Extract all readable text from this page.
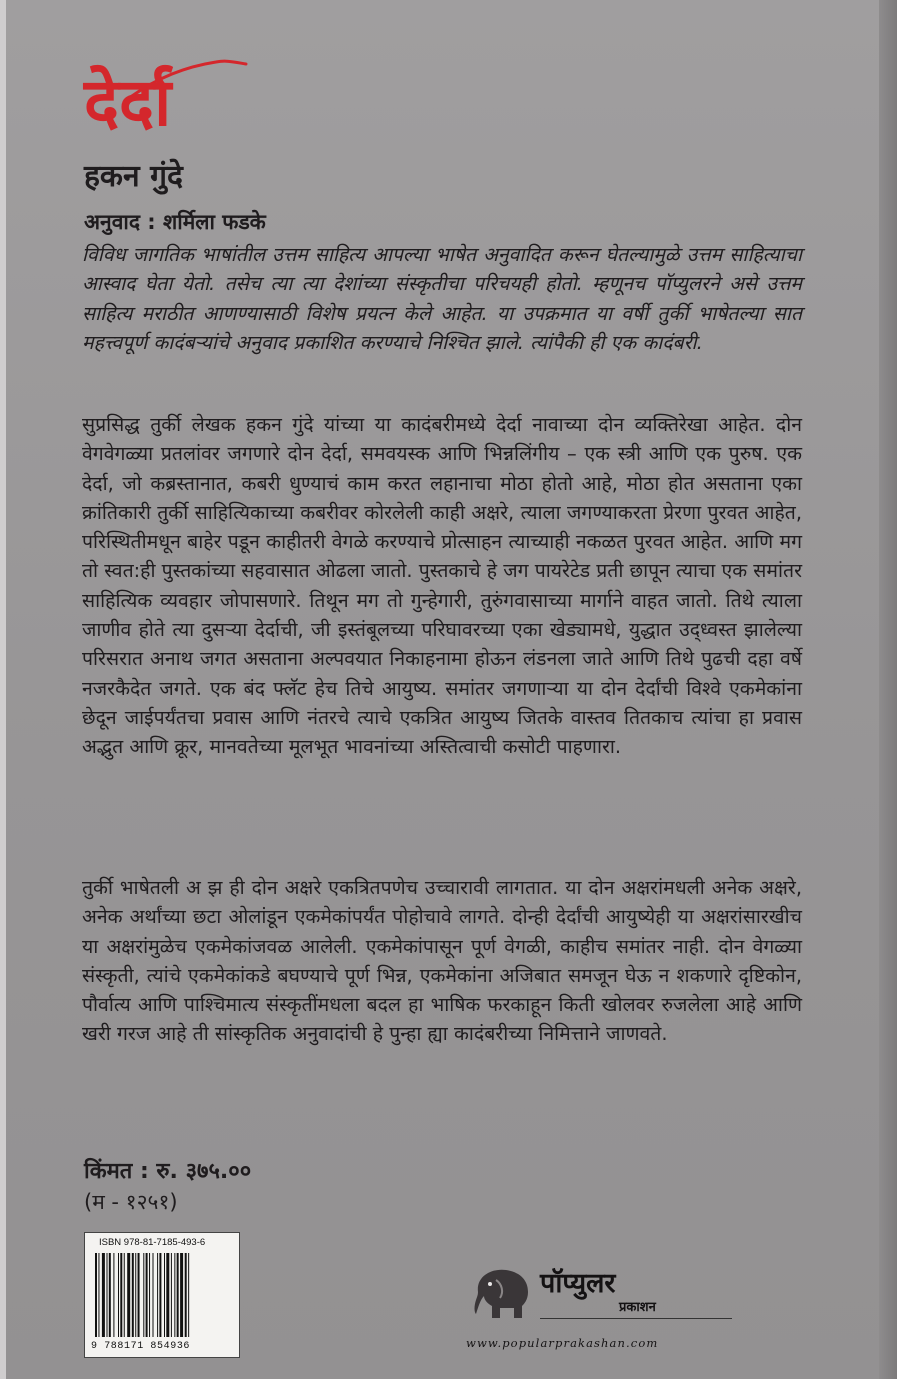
देर्दा
हकन गुंदे
अनुवाद : शर्मिला फडके

विविध जागतिक भाषांतील उत्तम साहित्य आपल्या भाषेत अनुवादित करून घेतल्यामुळे उत्तम साहित्याचा आस्वाद घेता येतो. तसेच त्या त्या देशांच्या संस्कृतीचा परिचयही होतो. म्हणूनच पॉप्युलरने असे उत्तम साहित्य मराठीत आणण्यासाठी विशेष प्रयत्न केले आहेत. या उपक्रमात या वर्षी तुर्की भाषेतल्या सात महत्त्वपूर्ण कादंबऱ्यांचे अनुवाद प्रकाशित करण्याचे निश्चित झाले. त्यांपैकी ही एक कादंबरी.

सुप्रसिद्ध तुर्की लेखक हकन गुंदे यांच्या या कादंबरीमध्ये देर्दा नावाच्या दोन व्यक्तिरेखा आहेत. दोन वेगवेगळ्या प्रतलांवर जगणारे दोन देर्दा, समवयस्क आणि भिन्नलिंगीय – एक स्त्री आणि एक पुरुष. एक देर्दा, जो कब्रस्तानात, कबरी धुण्याचं काम करत लहानाचा मोठा होतो आहे, मोठा होत असताना एका क्रांतिकारी तुर्की साहित्यिकाच्या कबरीवर कोरलेली काही अक्षरे, त्याला जगण्याकरता प्रेरणा पुरवत आहेत, परिस्थितीमधून बाहेर पडून काहीतरी वेगळे करण्याचे प्रोत्साहन त्याच्याही नकळत पुरवत आहेत. आणि मग तो स्वत:ही पुस्तकांच्या सहवासात ओढला जातो. पुस्तकाचे हे जग पायरेटेड प्रती छापून त्याचा एक समांतर साहित्यिक व्यवहार जोपासणारे. तिथून मग तो गुन्हेगारी, तुरुंगवासाच्या मार्गाने वाहत जातो. तिथे त्याला जाणीव होते त्या दुसऱ्या देर्दाची, जी इस्तंबूलच्या परिघावरच्या एका खेड्यामधे, युद्धात उद्ध्वस्त झालेल्या परिसरात अनाथ जगत असताना अल्पवयात निकाहनामा होऊन लंडनला जाते आणि तिथे पुढची दहा वर्षे नजरकैदेत जगते. एक बंद फ्लॅट हेच तिचे आयुष्य. समांतर जगणाऱ्या या दोन देर्दांची विश्वे एकमेकांना छेदून जाईपर्यंतचा प्रवास आणि नंतरचे त्याचे एकत्रित आयुष्य जितके वास्तव तितकाच त्यांचा हा प्रवास अद्भुत आणि क्रूर, मानवतेच्या मूलभूत भावनांच्या अस्तित्वाची कसोटी पाहणारा.

तुर्की भाषेतली अ झ ही दोन अक्षरे एकत्रितपणेच उच्चारावी लागतात. या दोन अक्षरांमधली अनेक अक्षरे, अनेक अर्थांच्या छटा ओलांडून एकमेकांपर्यंत पोहोचावे लागते. दोन्ही देर्दांची आयुष्येही या अक्षरांसारखीच या अक्षरांमुळेच एकमेकांजवळ आलेली. एकमेकांपासून पूर्ण वेगळी, काहीच समांतर नाही. दोन वेगळ्या संस्कृती, त्यांचे एकमेकांकडे बघण्याचे पूर्ण भिन्न, एकमेकांना अजिबात समजून घेऊ न शकणारे दृष्टिकोन, पौर्वात्य आणि पाश्चिमात्य संस्कृतींमधला बदल हा भाषिक फरकाहून किती खोलवर रुजलेला आहे आणि खरी गरज आहे ती सांस्कृतिक अनुवादांची हे पुन्हा ह्या कादंबरीच्या निमित्ताने जाणवते.

किंमत : रु. ३७५.००
(म - १२५१)
ISBN 978-81-7185-493-6
9 788171 854936
पॉप्युलर
प्रकाशन
www.popularprakashan.com
